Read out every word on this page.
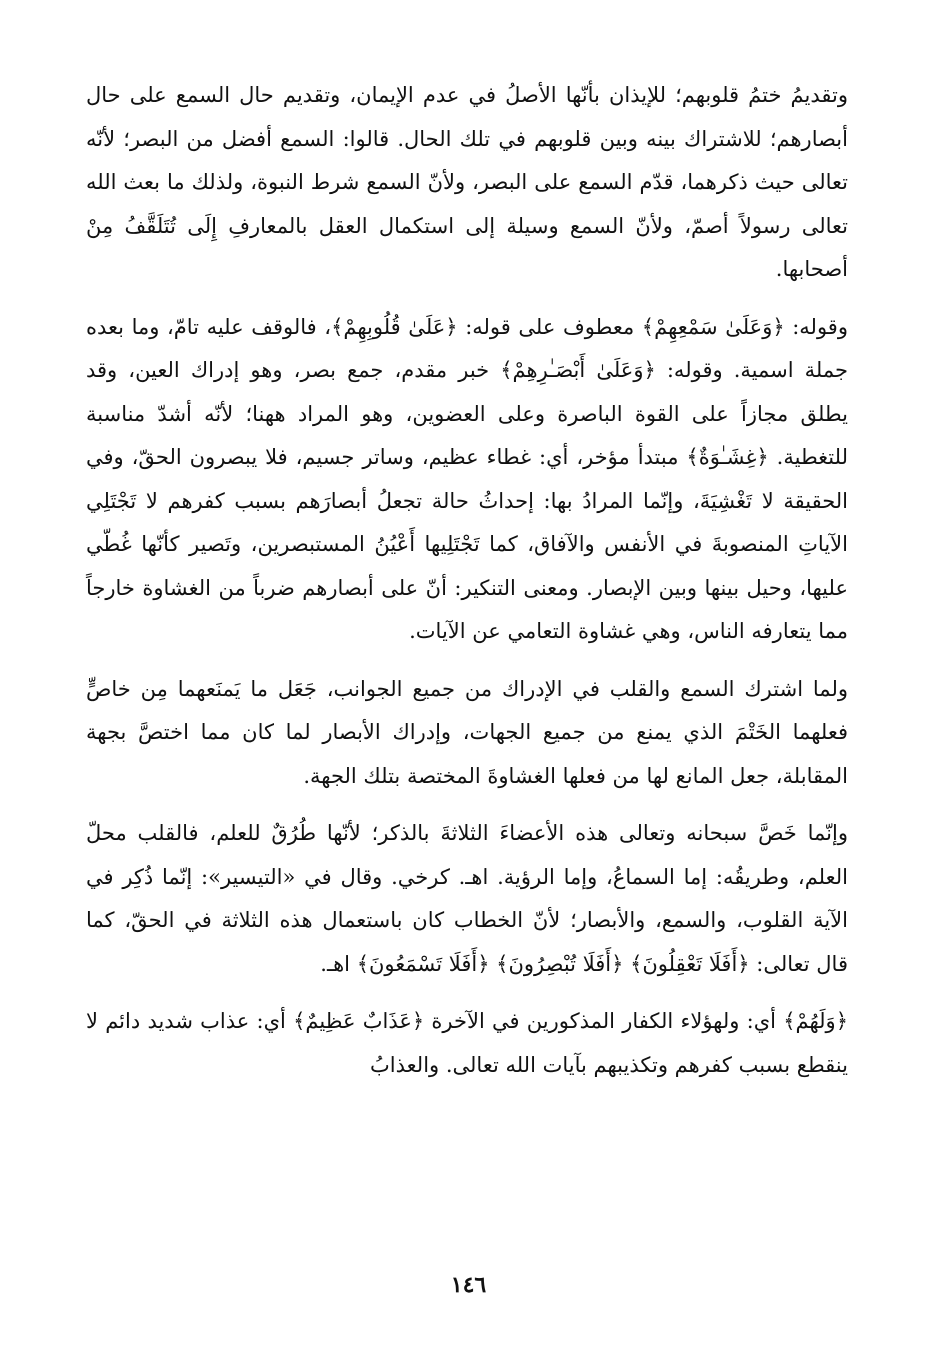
وتقديمُ ختمُ قلوبهم؛ للإيذان بأنّها الأصلُ في عدم الإيمان، وتقديم حال السمع على حال أبصارهم؛ للاشتراك بينه وبين قلوبهم في تلك الحال. قالوا: السمع أفضل من البصر؛ لأنّه تعالى حيث ذكرهما، قدّم السمع على البصر، ولأنّ السمع شرط النبوة، ولذلك ما بعث الله تعالى رسولاً أصمّ، ولأنّ السمع وسيلة إلى استكمال العقل بالمعارفِ إِلَى تُتَلَقَّفُ مِنْ أصحابها.

وقوله: ﴿وَعَلَىٰ سَمْعِهِمْ﴾ معطوف على قوله: ﴿عَلَىٰ قُلُوبِهِمْ﴾، فالوقف عليه تامّ، وما بعده جملة اسمية. وقوله: ﴿وَعَلَىٰ أَبْصَـٰرِهِمْ﴾ خبر مقدم، جمع بصر، وهو إدراك العين، وقد يطلق مجازاً على القوة الباصرة وعلى العضوين، وهو المراد ههنا؛ لأنّه أشدّ مناسبة للتغطية. ﴿غِشَـٰوَةٌ﴾ مبتدأ مؤخر، أي: غطاء عظيم، وساتر جسيم، فلا يبصرون الحقّ، وفي الحقيقة لا تَغْشِيَةَ، وإنّما المرادُ بها: إحداثُ حالة تجعلُ أبصارَهم بسبب كفرهم لا تَجْتَلِي الآياتِ المنصوبةَ في الأنفس والآفاق، كما تَجْتَلِيها أَعْيُنُ المستبصرين، وتَصير كأنّها غُطّي عليها، وحيل بينها وبين الإبصار. ومعنى التنكير: أنّ على أبصارهم ضرباً من الغشاوة خارجاً مما يتعارفه الناس، وهي غشاوة التعامي عن الآيات.

ولما اشترك السمع والقلب في الإدراك من جميع الجوانب، جَعَل ما يَمنَعهما مِن خاصٍّ فعلهما الخَتْمَ الذي يمنع من جميع الجهات، وإدراك الأبصار لما كان مما اختصَّ بجهة المقابلة، جعل المانع لها من فعلها الغشاوةَ المختصة بتلك الجهة.

وإنّما خَصَّ سبحانه وتعالى هذه الأعضاءَ الثلاثةَ بالذكر؛ لأنّها طُرُقٌ للعلم، فالقلب محلّ العلم، وطريقُه: إما السماعُ، وإما الرؤية. اهـ. كرخي. وقال في «التيسير»: إنّما ذُكِر في الآية القلوب، والسمع، والأبصار؛ لأنّ الخطاب كان باستعمال هذه الثلاثة في الحقّ، كما قال تعالى: ﴿أَفَلَا تَعْقِلُونَ﴾ ﴿أَفَلَا تُبْصِرُونَ﴾ ﴿أَفَلَا تَسْمَعُونَ﴾ اهـ.

﴿وَلَهُمْ﴾ أي: ولهؤلاء الكفار المذكورين في الآخرة ﴿عَذَابٌ عَظِيمٌ﴾ أي: عذاب شديد دائم لا ينقطع بسبب كفرهم وتكذيبهم بآيات الله تعالى. والعذابُ

١٤٦
